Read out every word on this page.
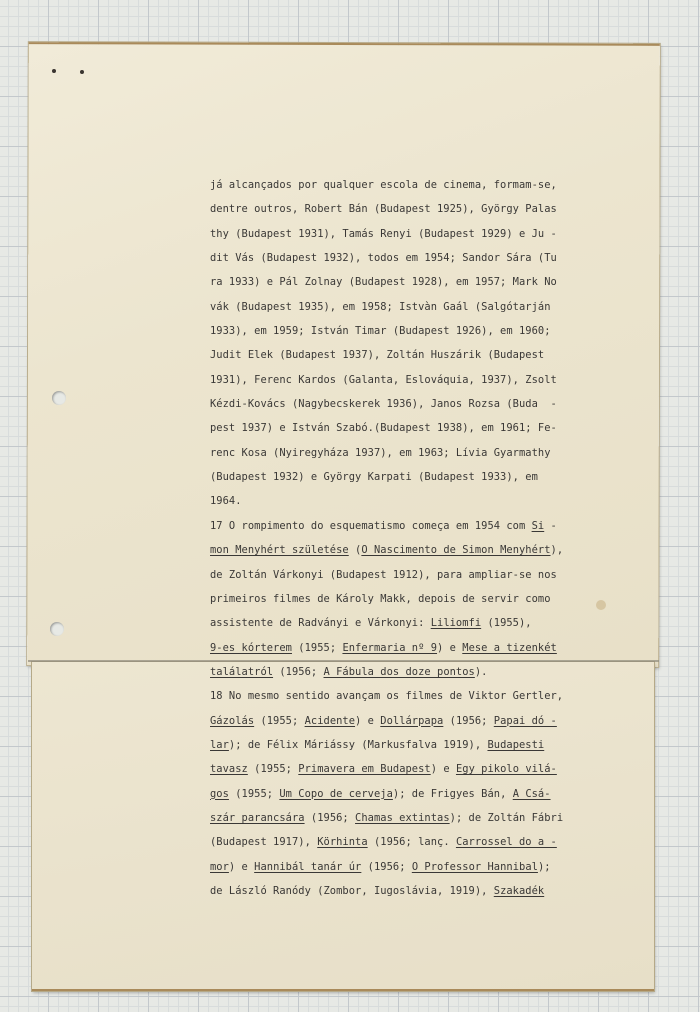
já alcançados por qualquer escola de cinema, formam-se,
dentre outros, Robert Bán (Budapest 1925), György Palas
thy (Budapest 1931), Tamás Renyi (Budapest 1929) e Ju -
dit Vás (Budapest 1932), todos em 1954; Sandor Sára (Tu
ra 1933) e Pál Zolnay (Budapest 1928), em 1957; Mark No
vák (Budapest 1935), em 1958; Istvàn Gaál (Salgótarján
1933), em 1959; István Timar (Budapest 1926), em 1960;
Judit Elek (Budapest 1937), Zoltán Huszárik (Budapest
1931), Ferenc Kardos (Galanta, Eslováquia, 1937), Zsolt
Kézdi-Kovács (Nagybecskerek 1936), Janos Rozsa (Buda  -
pest 1937) e István Szabó.(Budapest 1938), em 1961; Fe-
renc Kosa (Nyiregyháza 1937), em 1963; Lívia Gyarmathy
(Budapest 1932) e György Karpati (Budapest 1933), em
1964.
17 O rompimento do esquematismo começa em 1954 com Si -
mon Menyhért születése (O Nascimento de Simon Menyhért),
de Zoltán Várkonyi (Budapest 1912), para ampliar-se nos
primeiros filmes de Károly Makk, depois de servir como
assistente de Radványi e Várkonyi: Liliomfi (1955),
9-es kórterem (1955; Enfermaria nº 9) e Mese a tizenkét
találatról (1956; A Fábula dos doze pontos).
18 No mesmo sentido avançam os filmes de Viktor Gertler,
Gázolás (1955; Acidente) e Dollárpapa (1956; Papai dó -
lar); de Félix Máriássy (Markusfalva 1919), Budapesti
tavasz (1955; Primavera em Budapest) e Egy pikolo vilá-
gos (1955; Um Copo de cerveja); de Frigyes Bán, A Csá-
szár parancsára (1956; Chamas extintas); de Zoltán Fábri
(Budapest 1917), Körhinta (1956; lanç. Carrossel do a -
mor) e Hannibál tanár úr (1956; O Professor Hannibal);
de László Ranódy (Zombor, Iugoslávia, 1919), Szakadék
